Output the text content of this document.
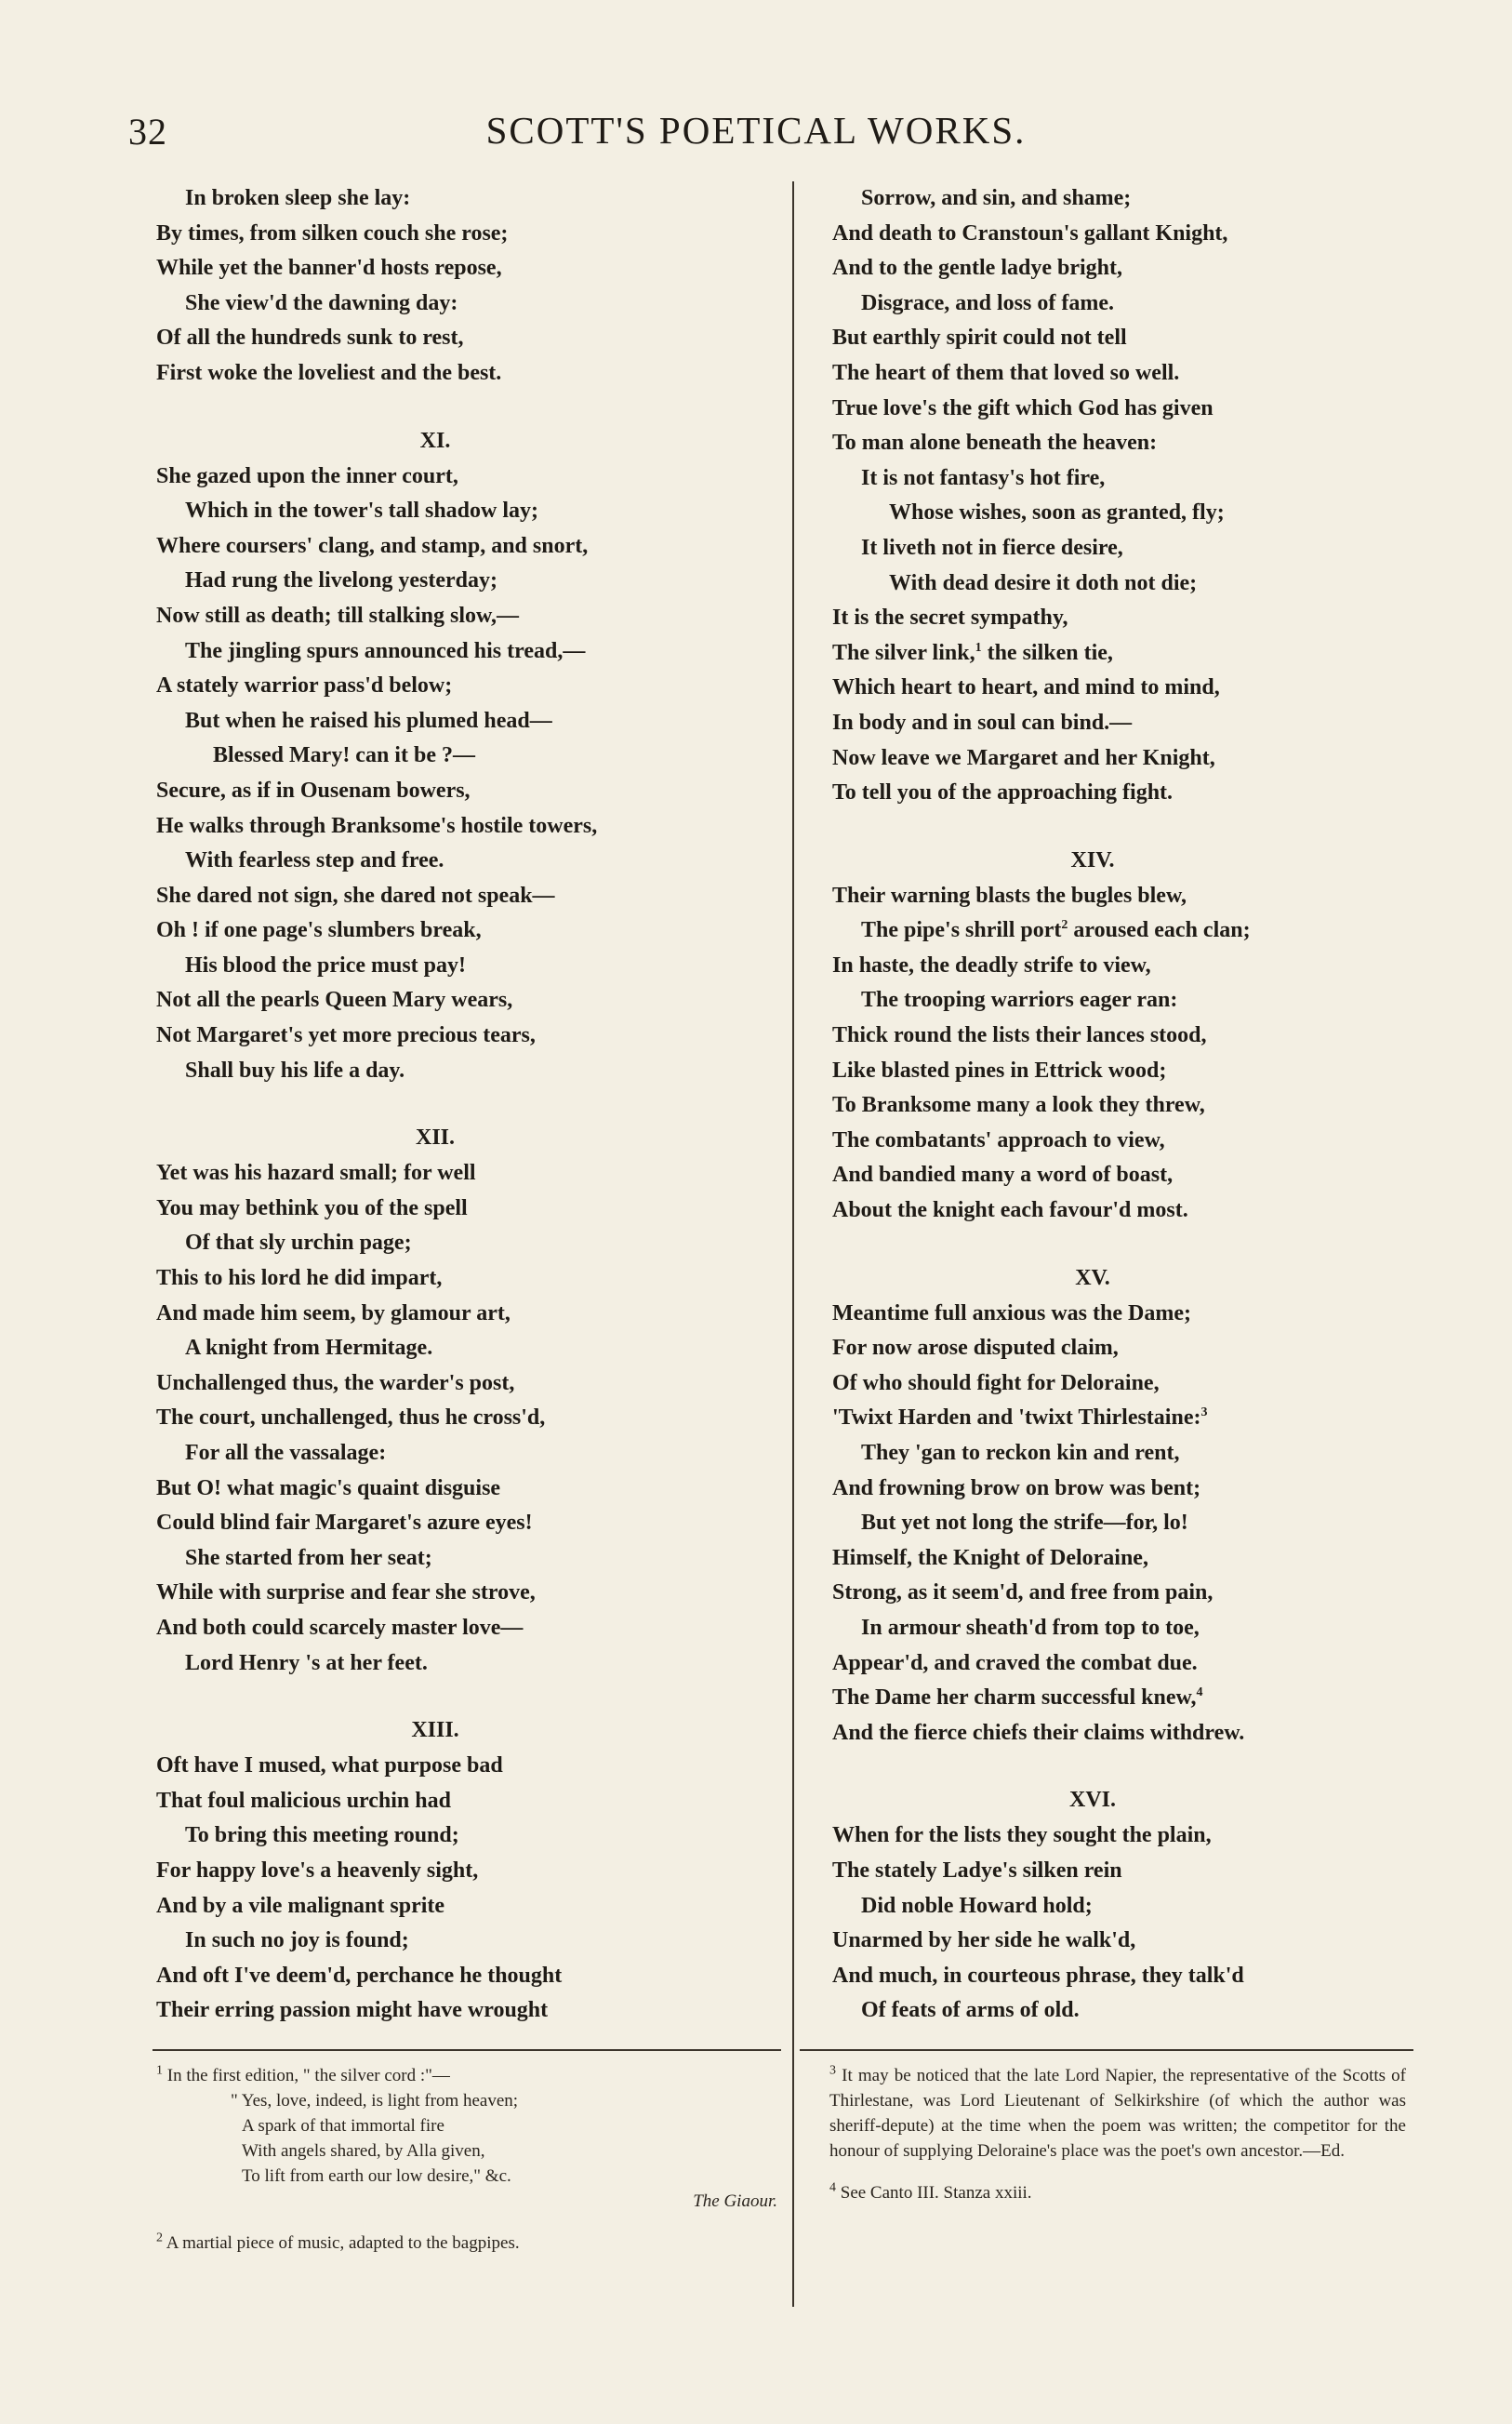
32	SCOTT'S POETICAL WORKS.
In broken sleep she lay:
By times, from silken couch she rose;
While yet the banner'd hosts repose,
She view'd the dawning day:
Of all the hundreds sunk to rest,
First woke the loveliest and the best.
XI.
She gazed upon the inner court,
Which in the tower's tall shadow lay;
Where coursers' clang, and stamp, and snort,
Had rung the livelong yesterday;
Now still as death; till stalking slow,—
The jingling spurs announced his tread,—
A stately warrior pass'd below;
But when he raised his plumed head—
Blessed Mary! can it be ?—
Secure, as if in Ousenam bowers,
He walks through Branksome's hostile towers,
With fearless step and free.
She dared not sign, she dared not speak—
Oh ! if one page's slumbers break,
His blood the price must pay!
Not all the pearls Queen Mary wears,
Not Margaret's yet more precious tears,
Shall buy his life a day.
XII.
Yet was his hazard small; for well
You may bethink you of the spell
Of that sly urchin page;
This to his lord he did impart,
And made him seem, by glamour art,
A knight from Hermitage.
Unchallenged thus, the warder's post,
The court, unchallenged, thus he cross'd,
For all the vassalage:
But O! what magic's quaint disguise
Could blind fair Margaret's azure eyes!
She started from her seat;
While with surprise and fear she strove,
And both could scarcely master love—
Lord Henry 's at her feet.
XIII.
Oft have I mused, what purpose bad
That foul malicious urchin had
To bring this meeting round;
For happy love's a heavenly sight,
And by a vile malignant sprite
In such no joy is found;
And oft I've deem'd, perchance he thought
Their erring passion might have wrought
Sorrow, and sin, and shame;
And death to Cranstoun's gallant Knight,
And to the gentle ladye bright,
Disgrace, and loss of fame.
But earthly spirit could not tell
The heart of them that loved so well.
True love's the gift which God has given
To man alone beneath the heaven:
It is not fantasy's hot fire,
Whose wishes, soon as granted, fly;
It liveth not in fierce desire,
With dead desire it doth not die;
It is the secret sympathy,
The silver link,$^1$ the silken tie,
Which heart to heart, and mind to mind,
In body and in soul can bind.—
Now leave we Margaret and her Knight,
To tell you of the approaching fight.
XIV.
Their warning blasts the bugles blew,
The pipe's shrill port$^2$ aroused each clan;
In haste, the deadly strife to view,
The trooping warriors eager ran:
Thick round the lists their lances stood,
Like blasted pines in Ettrick wood;
To Branksome many a look they threw,
The combatants' approach to view,
And bandied many a word of boast,
About the knight each favour'd most.
XV.
Meantime full anxious was the Dame;
For now arose disputed claim,
Of who should fight for Deloraine,
'Twixt Harden and 'twixt Thirlestaine:$^3$
They 'gan to reckon kin and rent,
And frowning brow on brow was bent;
But yet not long the strife—for, lo!
Himself, the Knight of Deloraine,
Strong, as it seem'd, and free from pain,
In armour sheath'd from top to toe,
Appear'd, and craved the combat due.
The Dame her charm successful knew,$^4$
And the fierce chiefs their claims withdrew.
XVI.
When for the lists they sought the plain,
The stately Ladye's silken rein
Did noble Howard hold;
Unarmed by her side he walk'd,
And much, in courteous phrase, they talk'd
Of feats of arms of old.

$^1$ In the first edition, " the silver cord :"—

" Yes, love, indeed, is light from heaven;
A spark of that immortal fire
With angels shared, by Alla given,
To lift from earth our low desire," &c.
The Giaour.

$^2$ A martial piece of music, adapted to the bagpipes.

$^3$ It may be noticed that the late Lord Napier, the representative of the Scotts of Thirlestane, was Lord Lieutenant of Selkirkshire (of which the author was sheriff-depute) at the time when the poem was written; the competitor for the honour of supplying Deloraine's place was the poet's own ancestor.—Ed.

$^4$ See Canto III. Stanza xxiii.
